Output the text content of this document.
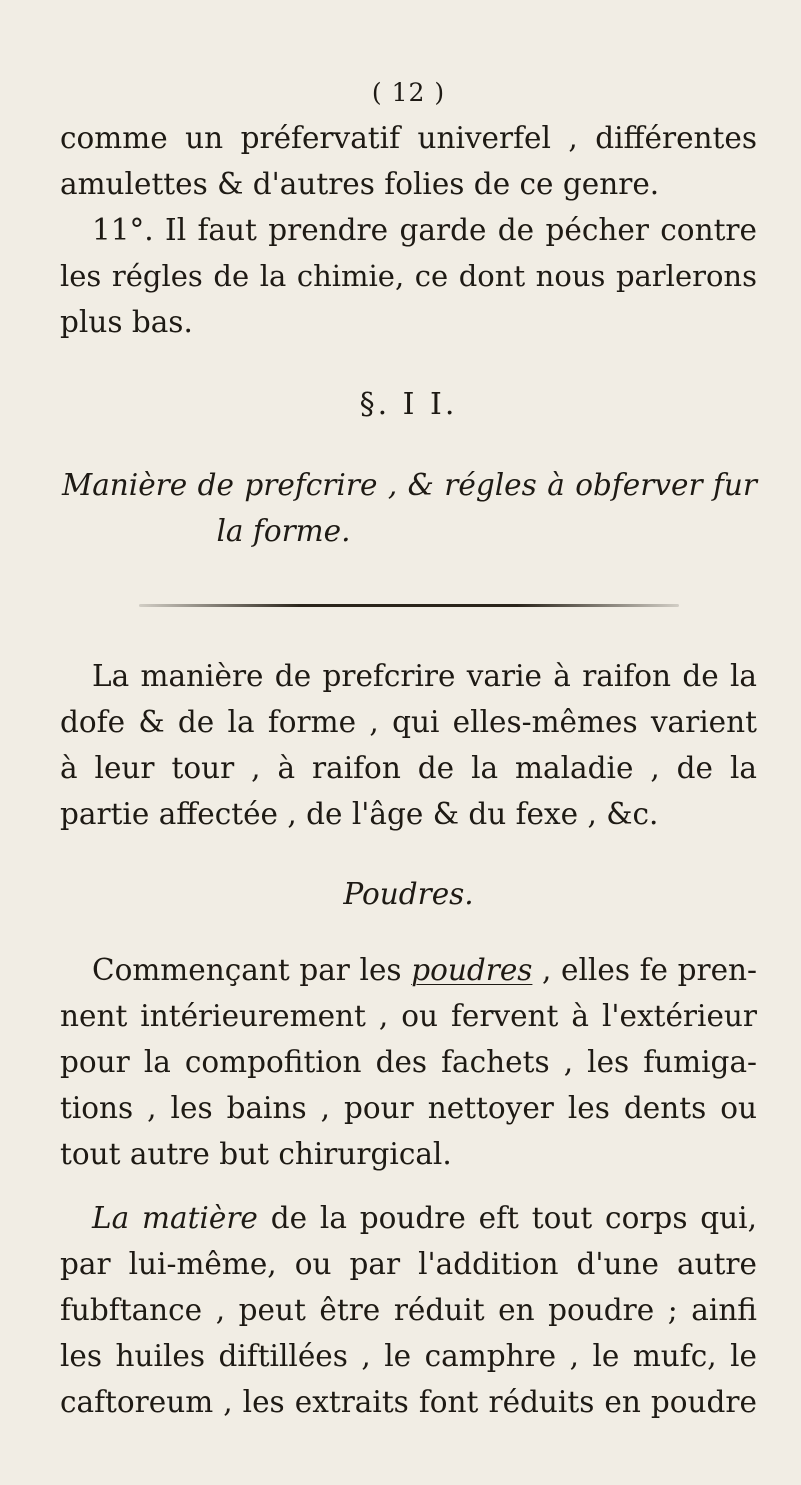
( 12 )

comme un préfervatif univerfel , différentes

amulettes & d'autres folies de ce genre.

11°. Il faut prendre garde de pécher contre

les régles de la chimie, ce dont nous parlerons

plus bas.

§. I I.

Manière de prefcrire , & régles à obferver fur

la forme.

La manière de prefcrire varie à raifon de la

dofe & de la forme , qui elles-mêmes varient

à leur tour , à raifon de la maladie , de la

partie affectée , de l'âge & du fexe , &c.

Poudres.

Commençant par les poudres , elles fe pren-

nent intérieurement , ou fervent à l'extérieur

pour la compofition des fachets , les fumiga-

tions , les bains , pour nettoyer les dents ou

tout autre but chirurgical.

La matière de la poudre eft tout corps qui,

par lui-même, ou par l'addition d'une autre

fubftance , peut être réduit en poudre ; ainfi

les huiles diftillées , le camphre , le mufc, le

caftoreum , les extraits font réduits en poudre
